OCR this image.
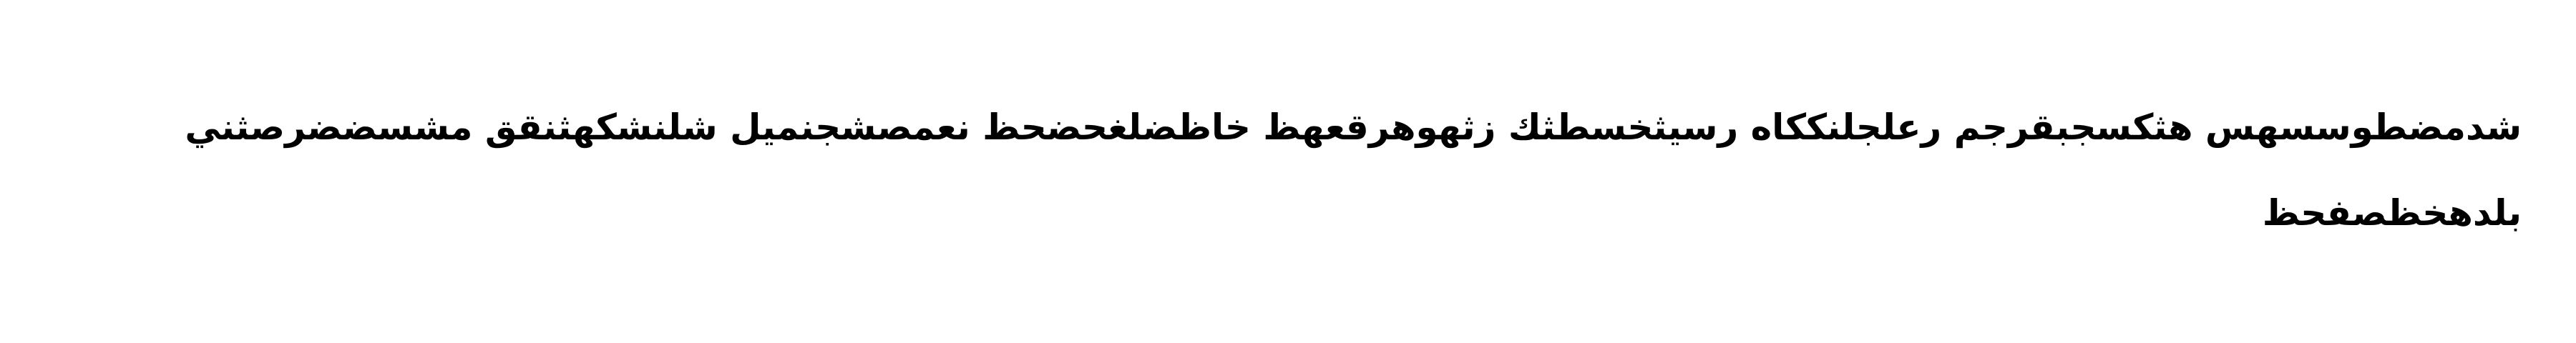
شدمضطوسسهس هثكسجبقرجم رعلجلنككاه رسيثخسطثك زثهوهرقعهظ خاظضلغحضحظ نعمصشجنميل شلنشكهثنقق مشسضضرصثني
بلدهخظصفحظ
